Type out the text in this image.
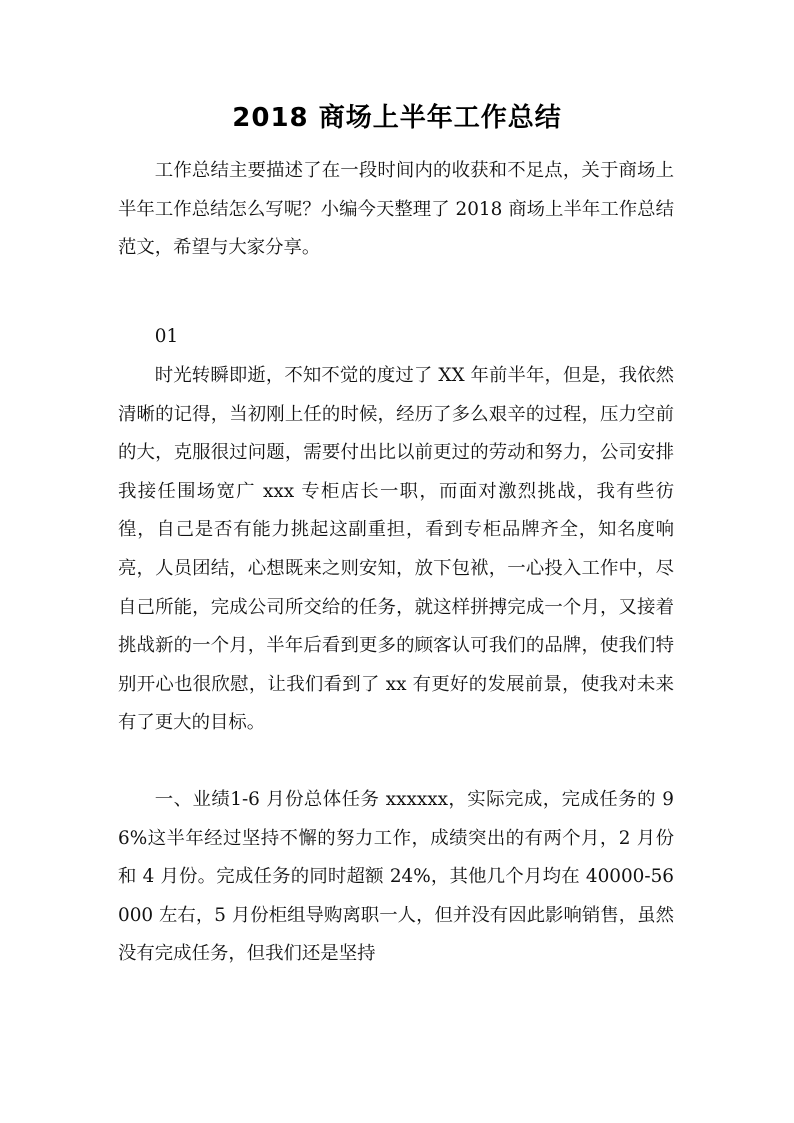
2018 商场上半年工作总结

工作总结主要描述了在一段时间内的收获和不足点，关于商场上半年工作总结怎么写呢？小编今天整理了 2018 商场上半年工作总结范文，希望与大家分享。

01

时光转瞬即逝，不知不觉的度过了 XX 年前半年，但是，我依然清晰的记得，当初刚上任的时候，经历了多么艰辛的过程，压力空前的大，克服很过问题，需要付出比以前更过的劳动和努力，公司安排我接任围场宽广 xxx 专柜店长一职，而面对激烈挑战，我有些彷徨，自己是否有能力挑起这副重担，看到专柜品牌齐全，知名度响亮，人员团结，心想既来之则安知，放下包袱，一心投入工作中，尽自己所能，完成公司所交给的任务，就这样拼搏完成一个月，又接着挑战新的一个月，半年后看到更多的顾客认可我们的品牌，使我们特别开心也很欣慰，让我们看到了 xx 有更好的发展前景，使我对未来有了更大的目标。

一、业绩1-6 月份总体任务 xxxxxx，实际完成，完成任务的 96%这半年经过坚持不懈的努力工作，成绩突出的有两个月，2 月份和 4 月份。完成任务的同时超额 24%，其他几个月均在 40000-56000 左右，5 月份柜组导购离职一人，但并没有因此影响销售，虽然没有完成任务，但我们还是坚持
